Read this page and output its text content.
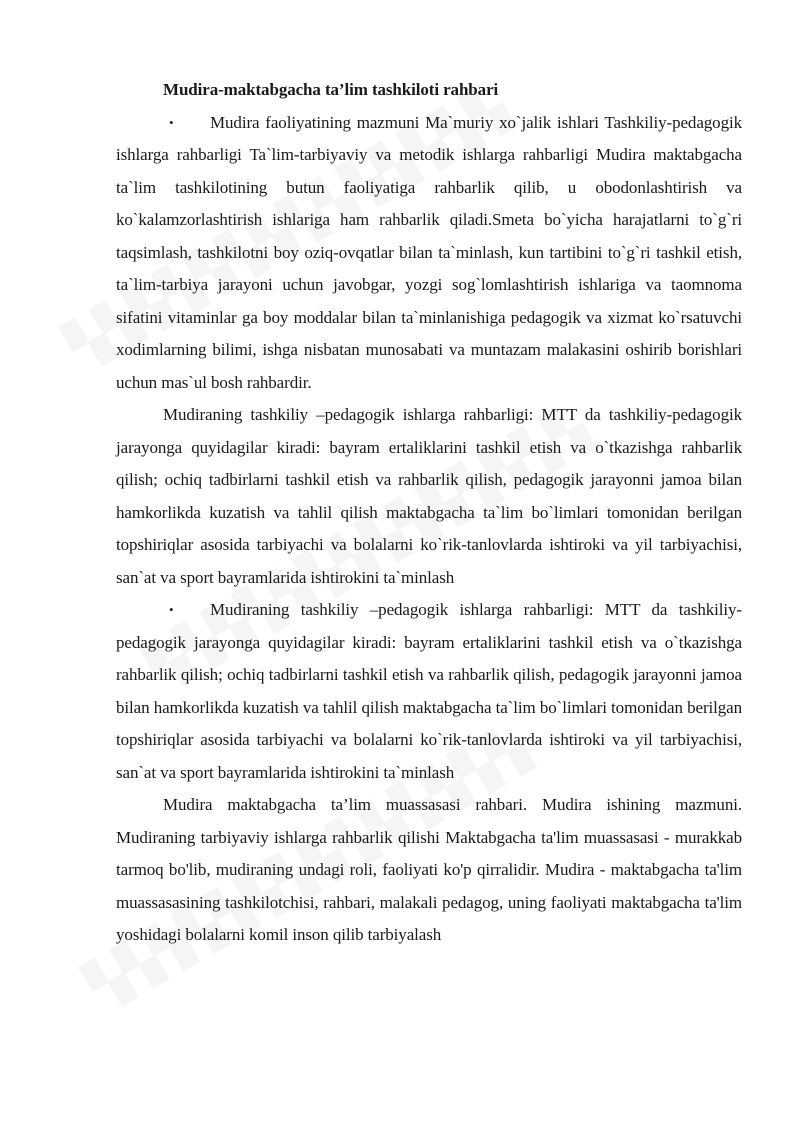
Mudira-maktabgacha ta’lim tashkiloti rahbari

• Mudira faoliyatining mazmuni Ma`muriy xo`jalik ishlari Tashkiliy-pedagogik ishlarga rahbarligi Ta`lim-tarbiyaviy va metodik ishlarga rahbarligi Mudira maktabgacha ta`lim tashkilotining butun faoliyatiga rahbarlik qilib, u obodonlashtirish va ko`kalamzorlashtirish ishlariga ham rahbarlik qiladi.Smeta bo`yicha harajatlarni to`g`ri taqsimlash, tashkilotni boy oziq-ovqatlar bilan ta`minlash, kun tartibini to`g`ri tashkil etish, ta`lim-tarbiya jarayoni uchun javobgar, yozgi sog`lomlashtirish ishlariga va taomnoma sifatini vitaminlar ga boy moddalar bilan ta`minlanishiga pedagogik va xizmat ko`rsatuvchi xodimlarning bilimi, ishga nisbatan munosabati va muntazam malakasini oshirib borishlari uchun mas`ul bosh rahbardir.

Mudiraning tashkiliy –pedagogik ishlarga rahbarligi: MTT da tashkiliy-pedagogik jarayonga quyidagilar kiradi: bayram ertaliklarini tashkil etish va o`tkazishga rahbarlik qilish; ochiq tadbirlarni tashkil etish va rahbarlik qilish, pedagogik jarayonni jamoa bilan hamkorlikda kuzatish va tahlil qilish maktabgacha ta`lim bo`limlari tomonidan berilgan topshiriqlar asosida tarbiyachi va bolalarni ko`rik-tanlovlarda ishtiroki va yil tarbiyachisi, san`at va sport bayramlarida ishtirokini ta`minlash

• Mudiraning tashkiliy –pedagogik ishlarga rahbarligi: MTT da tashkiliy-pedagogik jarayonga quyidagilar kiradi: bayram ertaliklarini tashkil etish va o`tkazishga rahbarlik qilish; ochiq tadbirlarni tashkil etish va rahbarlik qilish, pedagogik jarayonni jamoa bilan hamkorlikda kuzatish va tahlil qilish maktabgacha ta`lim bo`limlari tomonidan berilgan topshiriqlar asosida tarbiyachi va bolalarni ko`rik-tanlovlarda ishtiroki va yil tarbiyachisi, san`at va sport bayramlarida ishtirokini ta`minlash

Mudira maktabgacha ta’lim muassasasi rahbari. Mudira ishining mazmuni. Mudiraning tarbiyaviy ishlarga rahbarlik qilishi Maktabgacha ta'lim muassasasi - murakkab tarmoq bo'lib, mudiraning undagi roli, faoliyati ko'p qirralidir. Mudira - maktabgacha ta'lim muassasasining tashkilotchisi, rahbari, malakali pedagog, uning faoliyati maktabgacha ta'lim yoshidagi bolalarni komil inson qilib tarbiyalash
